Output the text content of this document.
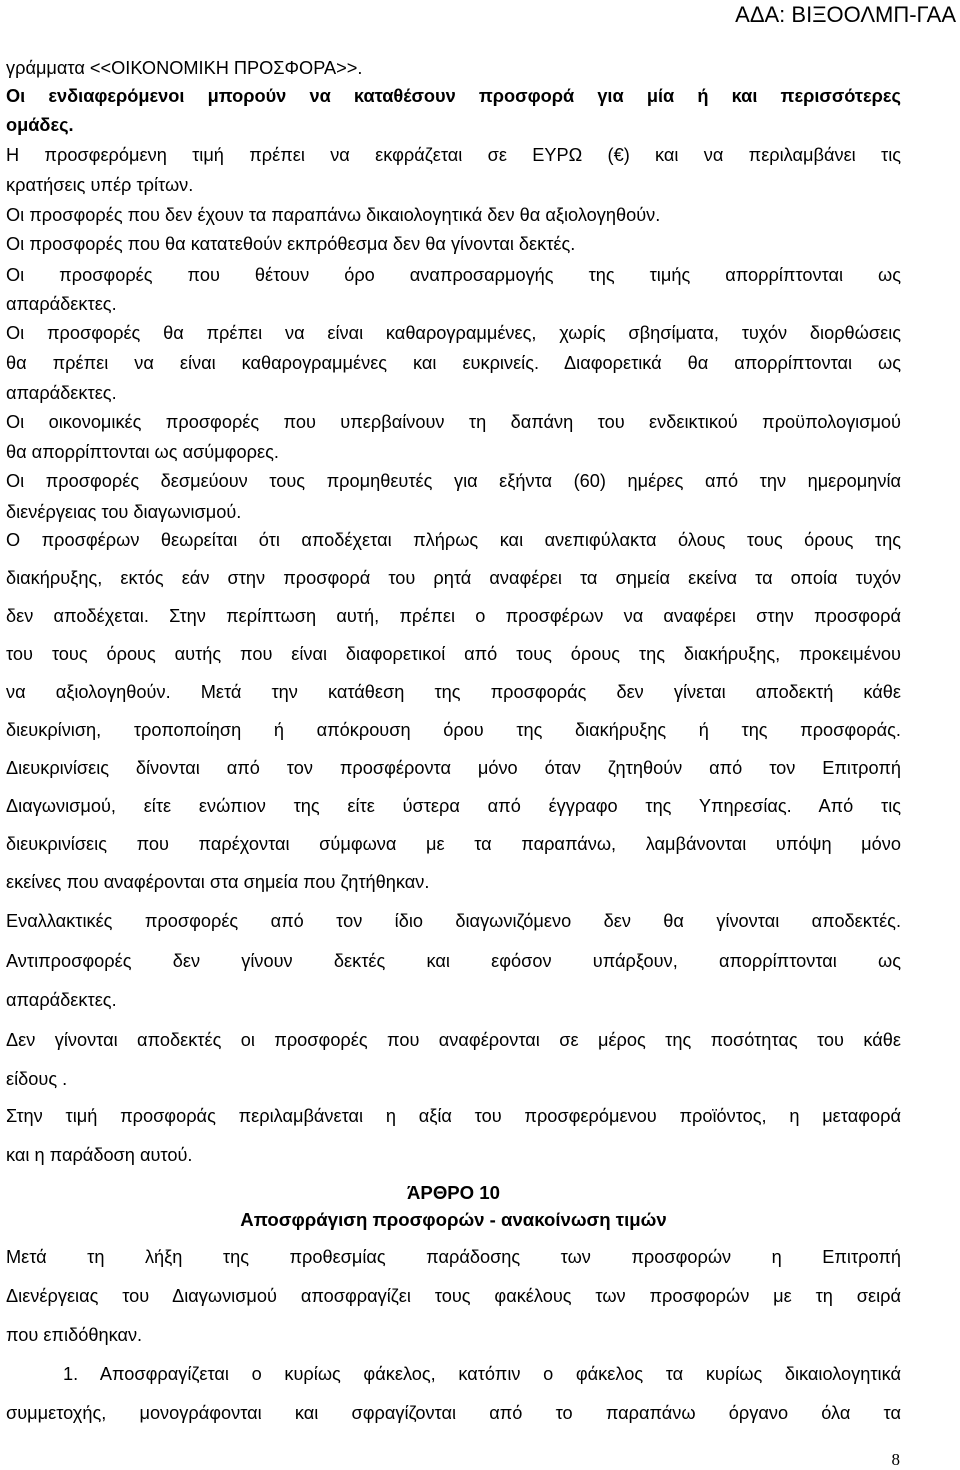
ΑΔΑ: ΒΙΞΟΟΛΜΠ-ΓΑΑ
γράμματα <<ΟΙΚΟΝΟΜΙΚΗ ΠΡΟΣΦΟΡΑ>>.
Οι ενδιαφερόμενοι μπορούν να καταθέσουν προσφορά για μία ή και περισσότερες
ομάδες.
Η προσφερόμενη τιμή πρέπει να εκφράζεται σε ΕΥΡΩ (€) και να περιλαμβάνει τις
κρατήσεις υπέρ τρίτων.
Οι προσφορές που δεν έχουν τα παραπάνω δικαιολογητικά δεν θα αξιολογηθούν.
Οι προσφορές που θα κατατεθούν εκπρόθεσμα δεν θα γίνονται δεκτές.
Οι προσφορές που θέτουν όρο αναπροσαρμογής της τιμής απορρίπτονται ως
απαράδεκτες.
Οι προσφορές θα πρέπει να είναι καθαρογραμμένες, χωρίς σβησίματα, τυχόν διορθώσεις
θα πρέπει να είναι καθαρογραμμένες και ευκρινείς. Διαφορετικά θα απορρίπτονται ως
απαράδεκτες.
Οι οικονομικές προσφορές που υπερβαίνουν τη δαπάνη του ενδεικτικού προϋπολογισμού
θα απορρίπτονται ως ασύμφορες.
Οι προσφορές δεσμεύουν τους προμηθευτές για εξήντα (60) ημέρες από την ημερομηνία
διενέργειας του διαγωνισμού.
Ο προσφέρων θεωρείται ότι αποδέχεται πλήρως και ανεπιφύλακτα όλους τους όρους της
διακήρυξης, εκτός εάν στην προσφορά του ρητά αναφέρει τα σημεία εκείνα τα οποία τυχόν
δεν αποδέχεται. Στην περίπτωση αυτή, πρέπει ο προσφέρων να αναφέρει στην προσφορά
του τους όρους αυτής που είναι διαφορετικοί από τους όρους της διακήρυξης, προκειμένου
να αξιολογηθούν. Μετά την κατάθεση της προσφοράς δεν γίνεται αποδεκτή κάθε
διευκρίνιση, τροποποίηση ή απόκρουση όρου της διακήρυξης ή της προσφοράς.
Διευκρινίσεις δίνονται από τον προσφέροντα μόνο όταν ζητηθούν από τον Επιτροπή
Διαγωνισμού, είτε ενώπιον της είτε ύστερα από έγγραφο της Υπηρεσίας. Από τις
διευκρινίσεις που παρέχονται σύμφωνα με τα παραπάνω, λαμβάνονται υπόψη μόνο
εκείνες που αναφέρονται στα σημεία που ζητήθηκαν.
Εναλλακτικές προσφορές από τον ίδιο διαγωνιζόμενο δεν θα γίνονται αποδεκτές.
Αντιπροσφορές δεν γίνουν δεκτές και εφόσον υπάρξουν, απορρίπτονται ως
απαράδεκτες.
Δεν γίνονται αποδεκτές οι προσφορές που αναφέρονται σε μέρος της ποσότητας του κάθε
είδους .
Στην τιμή προσφοράς περιλαμβάνεται η αξία του προσφερόμενου προϊόντος, η μεταφορά
και η παράδοση αυτού.
ΆΡΘΡΟ 10
Αποσφράγιση προσφορών - ανακοίνωση τιμών
Μετά τη λήξη της προθεσμίας παράδοσης των προσφορών η Επιτροπή
Διενέργειας του Διαγωνισμού αποσφραγίζει τους φακέλους των προσφορών με τη σειρά
που επιδόθηκαν.
1. Αποσφραγίζεται ο κυρίως φάκελος, κατόπιν ο φάκελος τα κυρίως δικαιολογητικά
συμμετοχής, μονογράφονται και σφραγίζονται από το παραπάνω όργανο όλα τα
8
